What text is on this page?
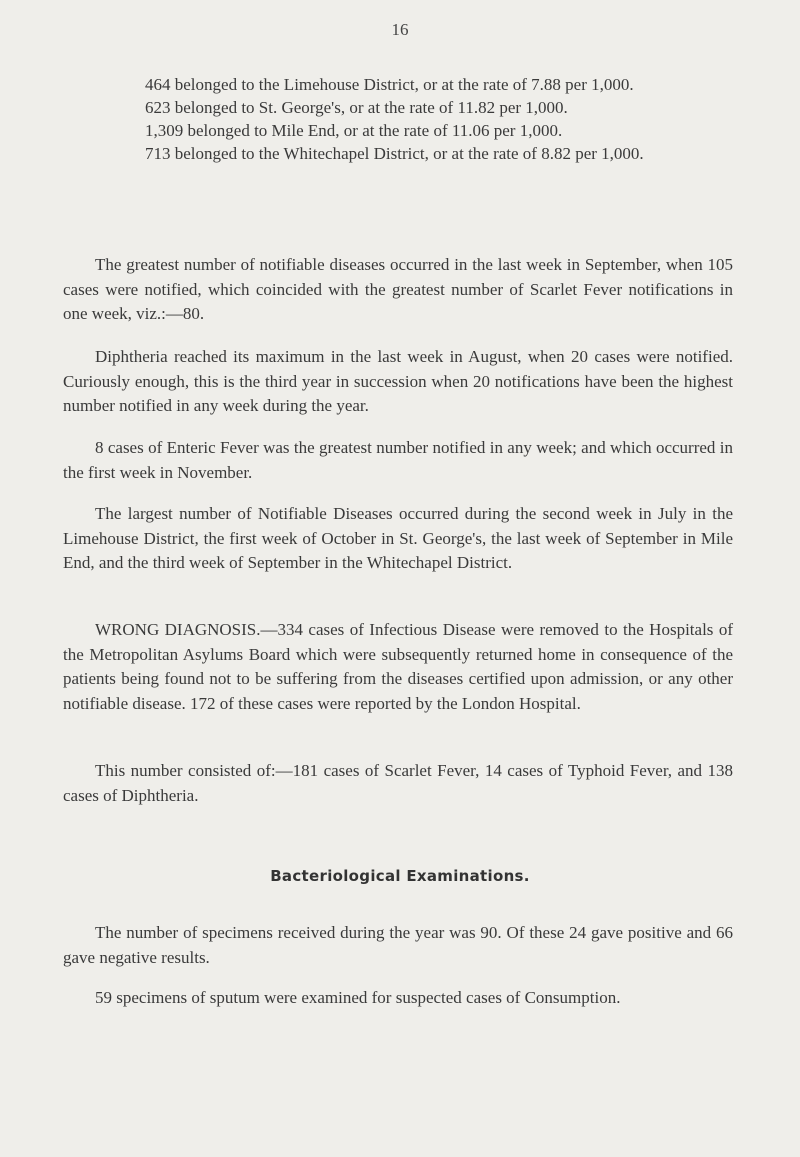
16

464 belonged to the Limehouse District, or at the rate of 7.88 per 1,000.

623 belonged to St. George's, or at the rate of 11.82 per 1,000.

1,309 belonged to Mile End, or at the rate of 11.06 per 1,000.

713 belonged to the Whitechapel District, or at the rate of 8.82 per 1,000.

The greatest number of notifiable diseases occurred in the last week in September, when 105 cases were notified, which coincided with the greatest number of Scarlet Fever notifications in one week, viz.:—80.

Diphtheria reached its maximum in the last week in August, when 20 cases were notified. Curiously enough, this is the third year in succession when 20 notifications have been the highest number notified in any week during the year.

8 cases of Enteric Fever was the greatest number notified in any week; and which occurred in the first week in November.

The largest number of Notifiable Diseases occurred during the second week in July in the Limehouse District, the first week of October in St. George's, the last week of September in Mile End, and the third week of September in the Whitechapel District.

WRONG DIAGNOSIS.—334 cases of Infectious Disease were removed to the Hospitals of the Metropolitan Asylums Board which were subsequently returned home in consequence of the patients being found not to be suffering from the diseases certified upon admission, or any other notifiable disease. 172 of these cases were reported by the London Hospital.

This number consisted of:—181 cases of Scarlet Fever, 14 cases of Typhoid Fever, and 138 cases of Diphtheria.

Bacteriological Examinations.

The number of specimens received during the year was 90. Of these 24 gave positive and 66 gave negative results.

59 specimens of sputum were examined for suspected cases of Consumption.
